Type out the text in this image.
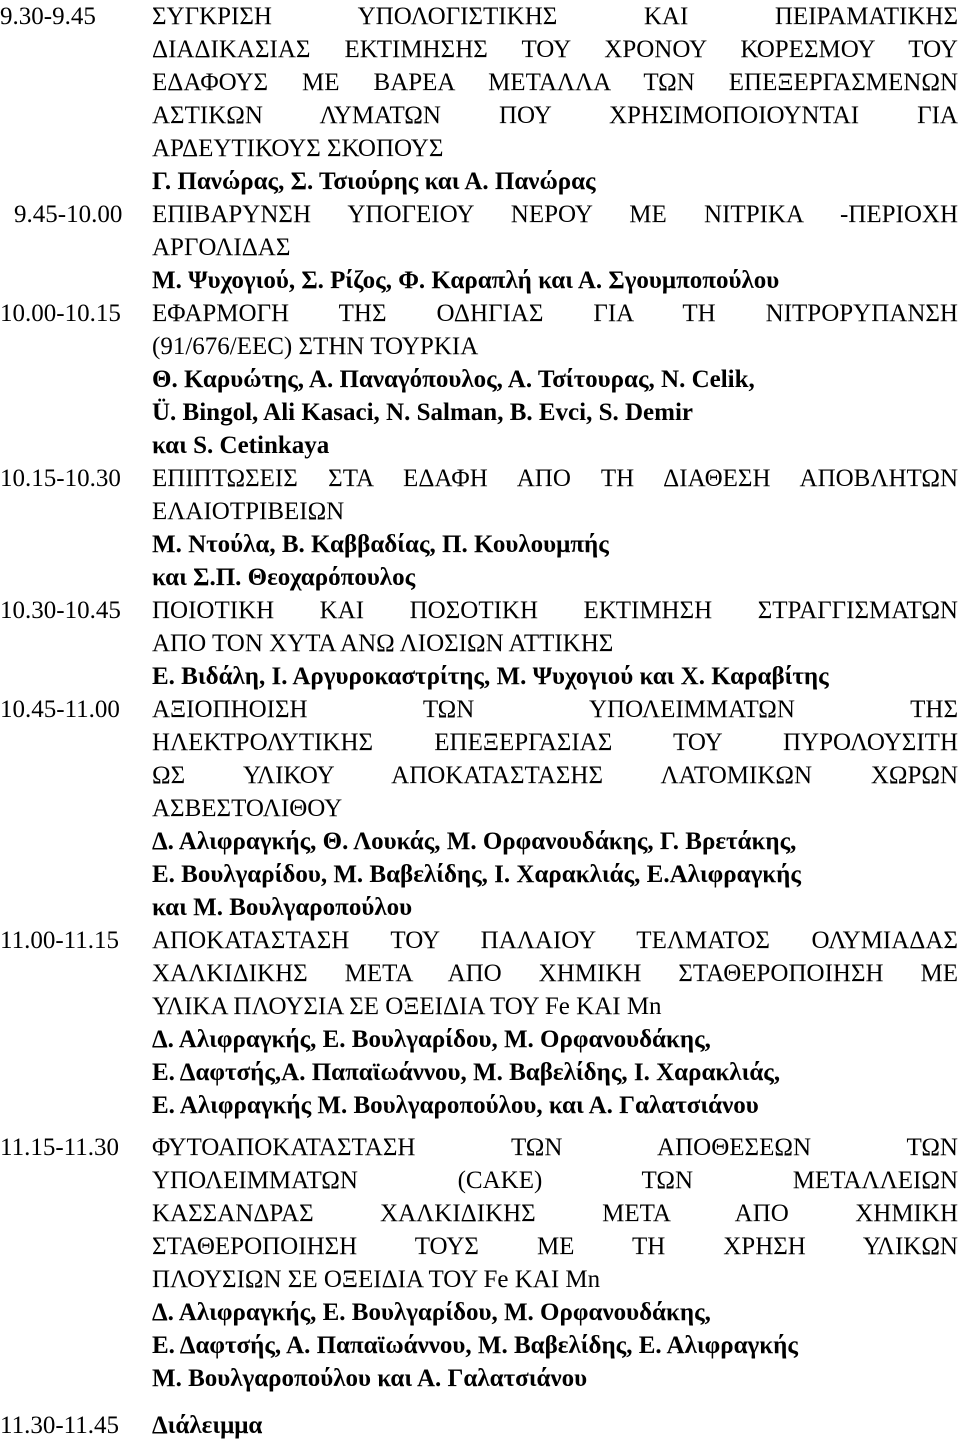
9.30-9.45	ΣΥΓΚΡΙΣΗ ΥΠΟΛΟΓΙΣΤΙΚΗΣ ΚΑΙ ΠΕΙΡΑΜΑΤΙΚΗΣ
ΔΙΑΔΙΚΑΣΙΑΣ ΕΚΤΙΜΗΣΗΣ ΤΟΥ ΧΡΟΝΟΥ ΚΟΡΕΣΜΟΥ ΤΟΥ
ΕΔΑΦΟΥΣ ΜΕ ΒΑΡΕΑ ΜΕΤΑΛΛΑ ΤΩΝ ΕΠΕΞΕΡΓΑΣΜΕΝΩΝ
ΑΣΤΙΚΩΝ ΛΥΜΑΤΩΝ ΠΟΥ ΧΡΗΣΙΜΟΠΟΙΟΥΝΤΑΙ ΓΙΑ
ΑΡΔΕΥΤΙΚΟΥΣ ΣΚΟΠΟΥΣ
Γ. Πανώρας, Σ. Τσιούρης και Α. Πανώρας
9.45-10.00	ΕΠΙΒΑΡΥΝΣΗ ΥΠΟΓΕΙΟΥ ΝΕΡΟΥ ΜΕ ΝΙΤΡΙΚΑ -ΠΕΡΙΟΧΗ
ΑΡΓΟΛΙΔΑΣ
Μ. Ψυχογιού, Σ. Ρίζος, Φ. Καραπλή και Α. Σγουμποπούλου
10.00-10.15	ΕΦΑΡΜΟΓΗ ΤΗΣ ΟΔΗΓΙΑΣ ΓΙΑ ΤΗ ΝΙΤΡΟΡΥΠΑΝΣΗ
(91/676/EEC) ΣΤΗΝ ΤΟΥΡΚΙΑ
Θ. Καρυώτης, Α. Παναγόπουλος, Α. Τσίτουρας, N. Celik,
Ü. Bingol, Ali Kasaci, N. Salman, B. Evci, S. Demir
και S. Cetinkaya
10.15-10.30	ΕΠΙΠΤΩΣΕΙΣ ΣΤΑ ΕΔΑΦΗ ΑΠΟ ΤΗ ΔΙΑΘΕΣΗ ΑΠΟΒΛΗΤΩΝ
ΕΛΑΙΟΤΡΙΒΕΙΩΝ
Μ. Ντούλα, Β. Καββαδίας, Π. Κουλουμπής
και Σ.Π. Θεοχαρόπουλος
10.30-10.45	ΠΟΙΟΤΙΚΗ ΚΑΙ ΠΟΣΟΤΙΚΗ ΕΚΤΙΜΗΣΗ ΣΤΡΑΓΓΙΣΜΑΤΩΝ
ΑΠΟ ΤΟΝ ΧΥΤΑ ΑΝΩ ΛΙΟΣΙΩΝ ΑΤΤΙΚΗΣ
Ε. Βιδάλη, Ι. Αργυροκαστρίτης, Μ. Ψυχογιού και Χ. Καραβίτης
10.45-11.00	ΑΞΙΟΠΗΟΙΣΗ ΤΩΝ ΥΠΟΛΕΙΜΜΑΤΩΝ ΤΗΣ
ΗΛΕΚΤΡΟΛΥΤΙΚΗΣ ΕΠΕΞΕΡΓΑΣΙΑΣ ΤΟΥ ΠΥΡΟΛΟΥΣΙΤΗ
ΩΣ ΥΛΙΚΟΥ ΑΠΟΚΑΤΑΣΤΑΣΗΣ ΛΑΤΟΜΙΚΩΝ ΧΩΡΩΝ
ΑΣΒΕΣΤΟΛΙΘΟΥ
Δ. Αλιφραγκής, Θ. Λουκάς, Μ. Ορφανουδάκης, Γ. Βρετάκης,
Ε. Βουλγαρίδου, Μ. Βαβελίδης, Ι. Χαρακλιάς, Ε.Αλιφραγκής
και Μ. Βουλγαροπούλου
11.00-11.15	ΑΠΟΚΑΤΑΣΤΑΣΗ ΤΟΥ ΠΑΛΑΙΟΥ ΤΕΛΜΑΤΟΣ ΟΛΥΜΙΑΔΑΣ
ΧΑΛΚΙΔΙΚΗΣ ΜΕΤΑ ΑΠΟ ΧΗΜΙΚΗ ΣΤΑΘΕΡΟΠΟΙΗΣΗ ΜΕ
ΥΛΙΚΑ ΠΛΟΥΣΙΑ ΣΕ ΟΞΕΙΔΙΑ ΤΟΥ Fe ΚΑΙ Mn
Δ. Αλιφραγκής, Ε. Βουλγαρίδου, Μ. Ορφανουδάκης,
Ε. Δαφτσής,Α. Παπαϊωάννου, Μ. Βαβελίδης, Ι. Χαρακλιάς,
Ε. Αλιφραγκής Μ. Βουλγαροπούλου, και Α. Γαλατσιάνου
11.15-11.30	ΦΥΤΟΑΠΟΚΑΤΑΣΤΑΣΗ ΤΩΝ ΑΠΟΘΕΣΕΩΝ ΤΩΝ
ΥΠΟΛΕΙΜΜΑΤΩΝ (CAKE) ΤΩΝ ΜΕΤΑΛΛΕΙΩΝ
ΚΑΣΣΑΝΔΡΑΣ ΧΑΛΚΙΔΙΚΗΣ ΜΕΤΑ ΑΠΟ ΧΗΜΙΚΗ
ΣΤΑΘΕΡΟΠΟΙΗΣΗ ΤΟΥΣ ΜΕ ΤΗ ΧΡΗΣΗ ΥΛΙΚΩΝ
ΠΛΟΥΣΙΩΝ ΣΕ ΟΞΕΙΔΙΑ ΤΟΥ Fe ΚΑΙ Mn
Δ. Αλιφραγκής, Ε. Βουλγαρίδου, Μ. Ορφανουδάκης,
Ε. Δαφτσής, Α. Παπαϊωάννου, Μ. Βαβελίδης, Ε. Αλιφραγκής
Μ. Βουλγαροπούλου και Α. Γαλατσιάνου
11.30-11.45	Διάλειμμα
